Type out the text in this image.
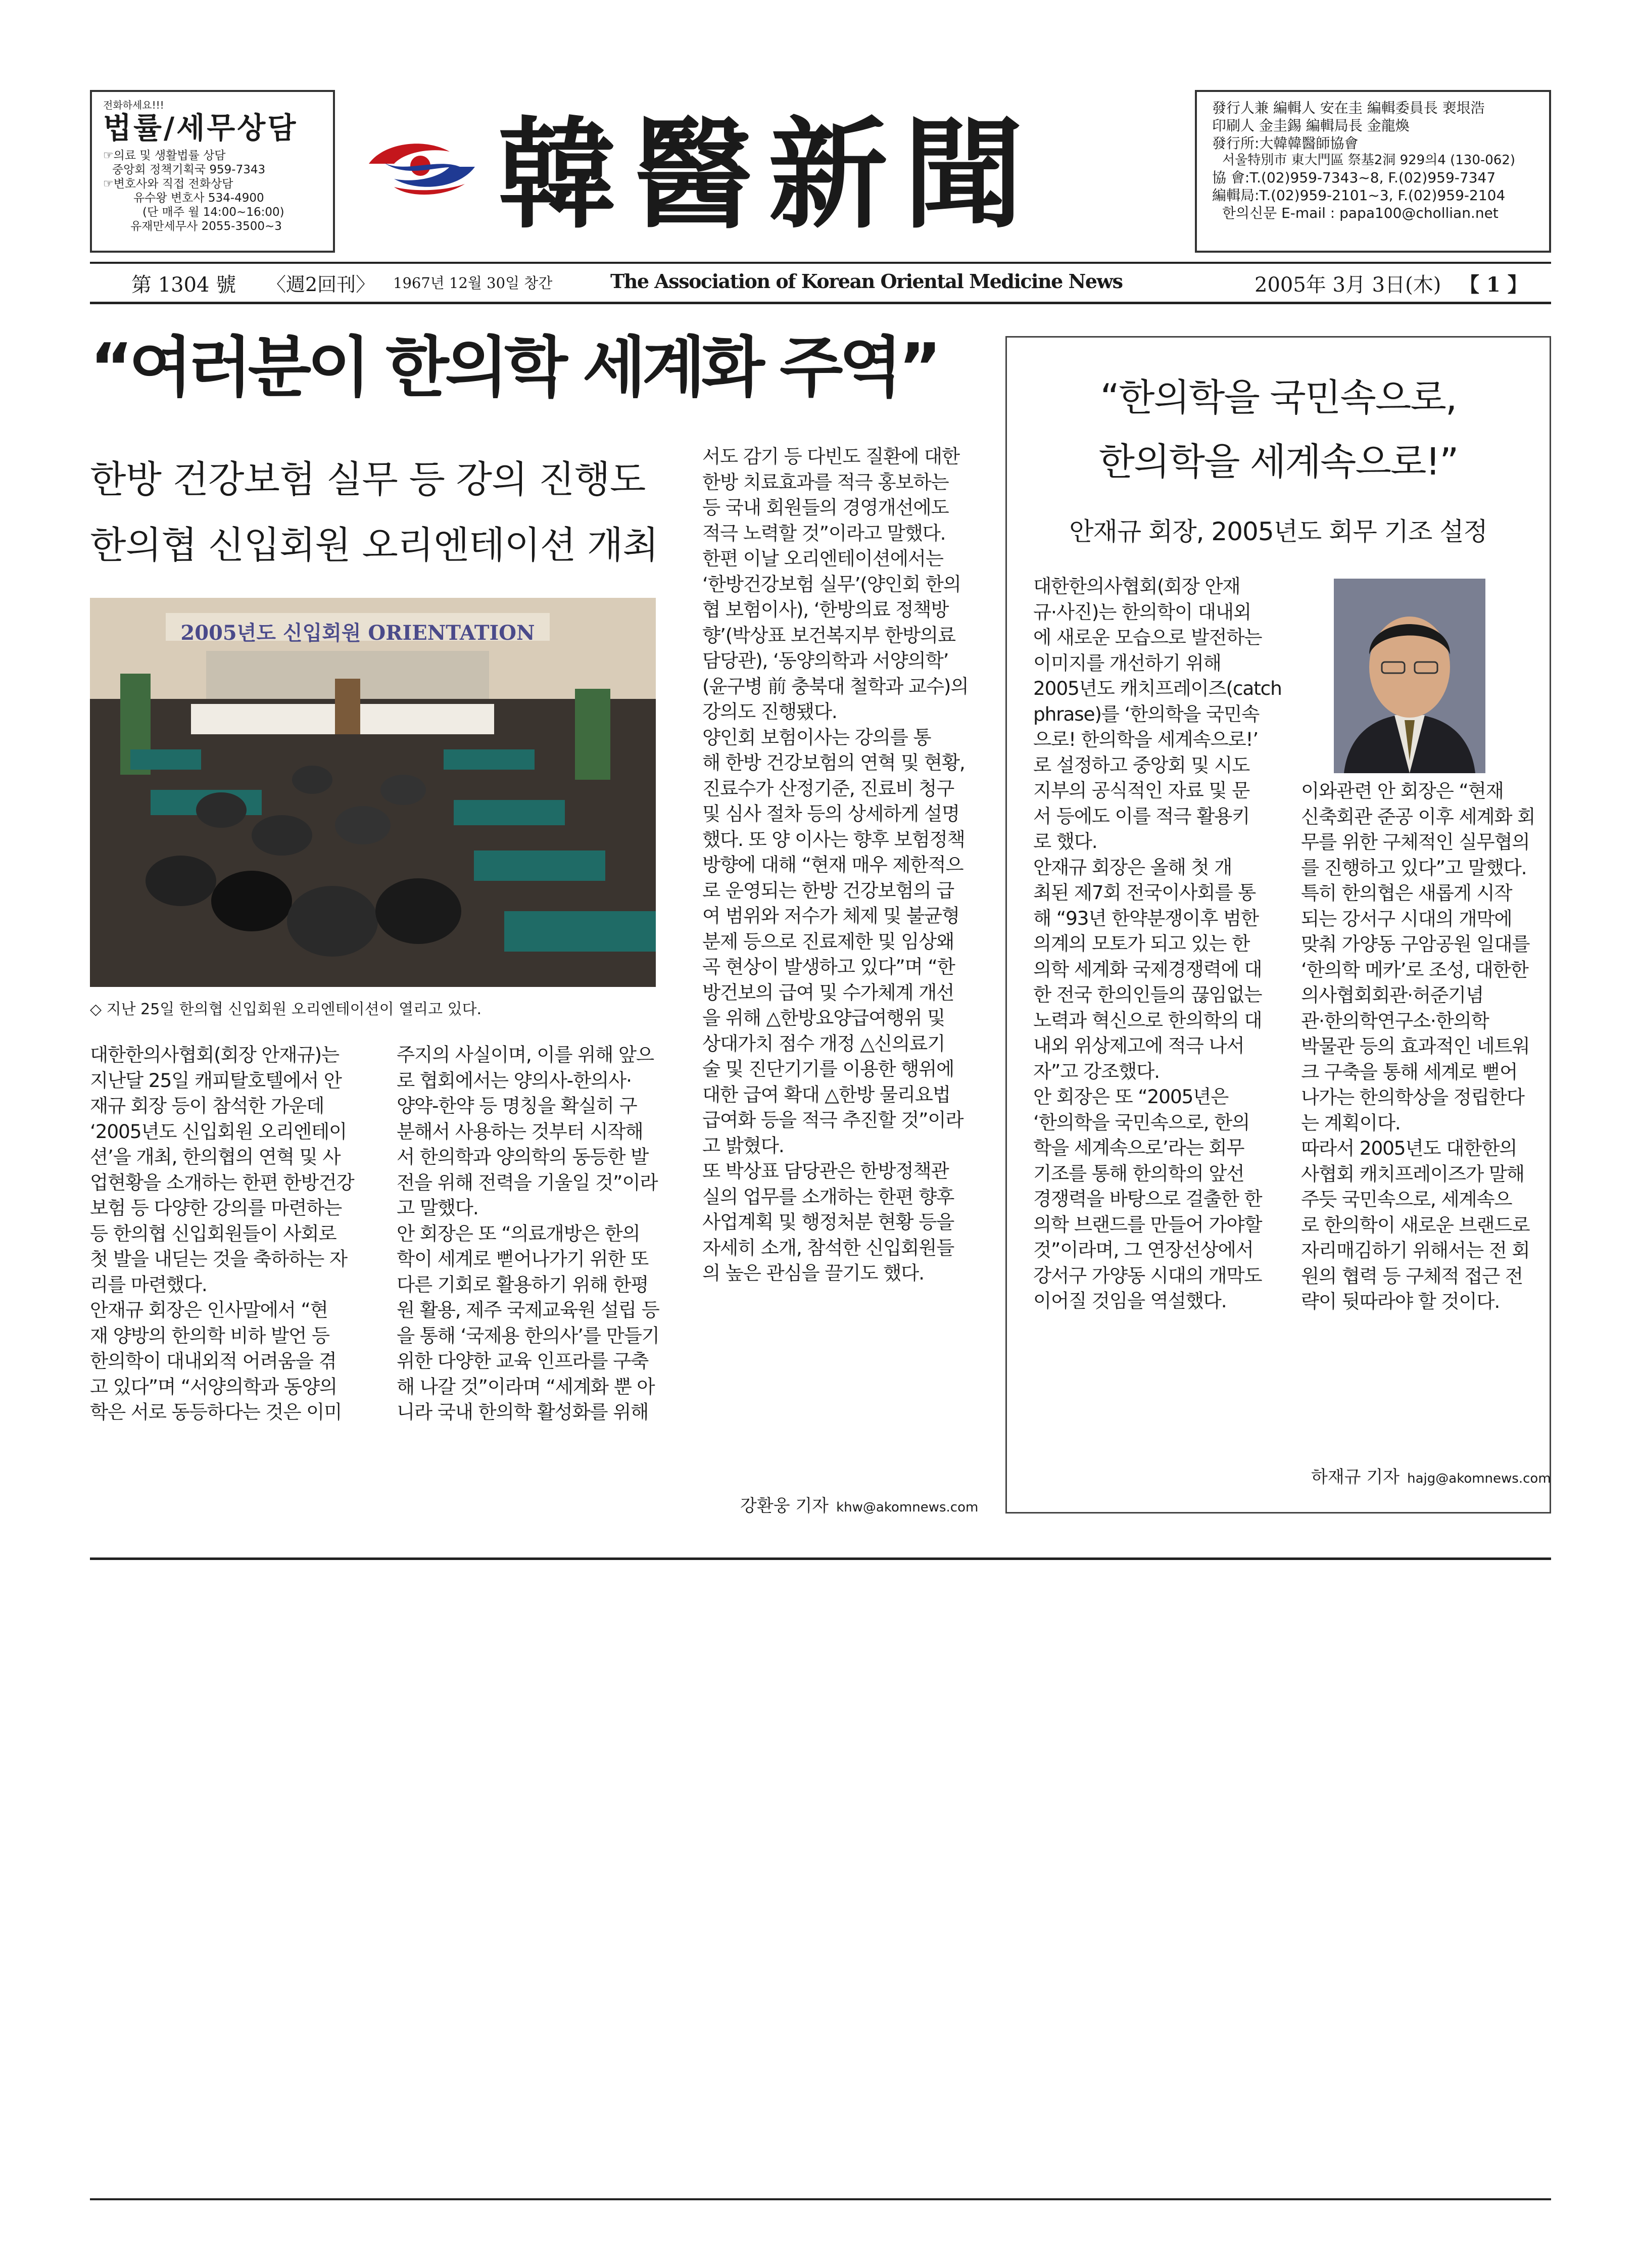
전화하세요!!!
법률/세무상담
☞의료 및 생활법률 상담
중앙회 정책기획국 959-7343
☞변호사와 직접 전화상담
유수왕 변호사 534-4900
(단 매주 월 14:00~16:00)
유재만세무사 2055-3500~3	韓醫新聞	發行人兼 編輯人 安在圭 編輯委員長 裵垠浩
印刷人 金圭錫 編輯局長 金龍煥
發行所:大韓韓醫師協會
서울特別市 東大門區 祭基2洞 929의4 (130-062)
協 會:T.(02)959-7343~8, F.(02)959-7347
編輯局:T.(02)959-2101~3, F.(02)959-2104
한의신문 E-mail : papa100@chollian.net
第 1304 號 〈週2回刊〉 1967년 12월 30일 창간	The Association of Korean Oriental Medicine News	2005年 3月 3日(木) 【 1 】
“여러분이 한의학 세계화 주역”
한방 건강보험 실무 등 강의 진행도
한의협 신입회원 오리엔테이션 개최
2005년도 신입회원 ORIENTATION
◇ 지난 25일 한의협 신입회원 오리엔테이션이 열리고 있다.

대한한의사협회(회장 안재규)는

지난달 25일 캐피탈호텔에서 안

재규 회장 등이 참석한 가운데

‘2005년도 신입회원 오리엔테이

션’을 개최, 한의협의 연혁 및 사

업현황을 소개하는 한편 한방건강

보험 등 다양한 강의를 마련하는

등 한의협 신입회원들이 사회로

첫 발을 내딛는 것을 축하하는 자

리를 마련했다.

안재규 회장은 인사말에서 “현

재 양방의 한의학 비하 발언 등

한의학이 대내외적 어려움을 겪

고 있다”며 “서양의학과 동양의

학은 서로 동등하다는 것은 이미

주지의 사실이며, 이를 위해 앞으

로 협회에서는 양의사-한의사·

양약-한약 등 명칭을 확실히 구

분해서 사용하는 것부터 시작해

서 한의학과 양의학의 동등한 발

전을 위해 전력을 기울일 것”이라

고 말했다.

안 회장은 또 “의료개방은 한의

학이 세계로 뻗어나가기 위한 또

다른 기회로 활용하기 위해 한평

원 활용, 제주 국제교육원 설립 등

을 통해 ‘국제용 한의사’를 만들기

위한 다양한 교육 인프라를 구축

해 나갈 것”이라며 “세계화 뿐 아

니라 국내 한의학 활성화를 위해

서도 감기 등 다빈도 질환에 대한

한방 치료효과를 적극 홍보하는

등 국내 회원들의 경영개선에도

적극 노력할 것”이라고 말했다.

한편 이날 오리엔테이션에서는

‘한방건강보험 실무’(양인회 한의

협 보험이사), ‘한방의료 정책방

향’(박상표 보건복지부 한방의료

담당관), ‘동양의학과 서양의학’

(윤구병 前 충북대 철학과 교수)의

강의도 진행됐다.

양인회 보험이사는 강의를 통

해 한방 건강보험의 연혁 및 현황,

진료수가 산정기준, 진료비 청구

및 심사 절차 등의 상세하게 설명

했다. 또 양 이사는 향후 보험정책

방향에 대해 “현재 매우 제한적으

로 운영되는 한방 건강보험의 급

여 범위와 저수가 체제 및 불균형

분제 등으로 진료제한 및 임상왜

곡 현상이 발생하고 있다”며 “한

방건보의 급여 및 수가체계 개선

을 위해 △한방요양급여행위 및

상대가치 점수 개정 △신의료기

술 및 진단기기를 이용한 행위에

대한 급여 확대 △한방 물리요법

급여화 등을 적극 추진할 것”이라

고 밝혔다.

또 박상표 담당관은 한방정책관

실의 업무를 소개하는 한편 향후

사업계획 및 행정처분 현황 등을

자세히 소개, 참석한 신입회원들

의 높은 관심을 끌기도 했다.

강환웅 기자 khw@akomnews.com
“한의학을 국민속으로,
한의학을 세계속으로!”
안재규 회장, 2005년도 회무 기조 설정

대한한의사협회(회장 안재

규·사진)는 한의학이 대내외

에 새로운 모습으로 발전하는

이미지를 개선하기 위해

2005년도 캐치프레이즈(catch

phrase)를 ‘한의학을 국민속

으로! 한의학을 세계속으로!’

로 설정하고 중앙회 및 시도

지부의 공식적인 자료 및 문

서 등에도 이를 적극 활용키

로 했다.

안재규 회장은 올해 첫 개

최된 제7회 전국이사회를 통

해 “93년 한약분쟁이후 범한

의계의 모토가 되고 있는 한

의학 세계화 국제경쟁력에 대

한 전국 한의인들의 끊임없는

노력과 혁신으로 한의학의 대

내외 위상제고에 적극 나서

자”고 강조했다.

안 회장은 또 “2005년은

‘한의학을 국민속으로, 한의

학을 세계속으로’라는 회무

기조를 통해 한의학의 앞선

경쟁력을 바탕으로 걸출한 한

의학 브랜드를 만들어 가야할

것”이라며, 그 연장선상에서

강서구 가양동 시대의 개막도

이어질 것임을 역설했다.

이와관련 안 회장은 “현재

신축회관 준공 이후 세계화 회

무를 위한 구체적인 실무협의

를 진행하고 있다”고 말했다.

특히 한의협은 새롭게 시작

되는 강서구 시대의 개막에

맞춰 가양동 구암공원 일대를

‘한의학 메카’로 조성, 대한한

의사협회회관·허준기념

관·한의학연구소·한의학

박물관 등의 효과적인 네트워

크 구축을 통해 세계로 뻗어

나가는 한의학상을 정립한다

는 계획이다.

따라서 2005년도 대한한의

사협회 캐치프레이즈가 말해

주듯 국민속으로, 세계속으

로 한의학이 새로운 브랜드로

자리매김하기 위해서는 전 회

원의 협력 등 구체적 접근 전

략이 뒷따라야 할 것이다.

하재규 기자 hajg@akomnews.com
